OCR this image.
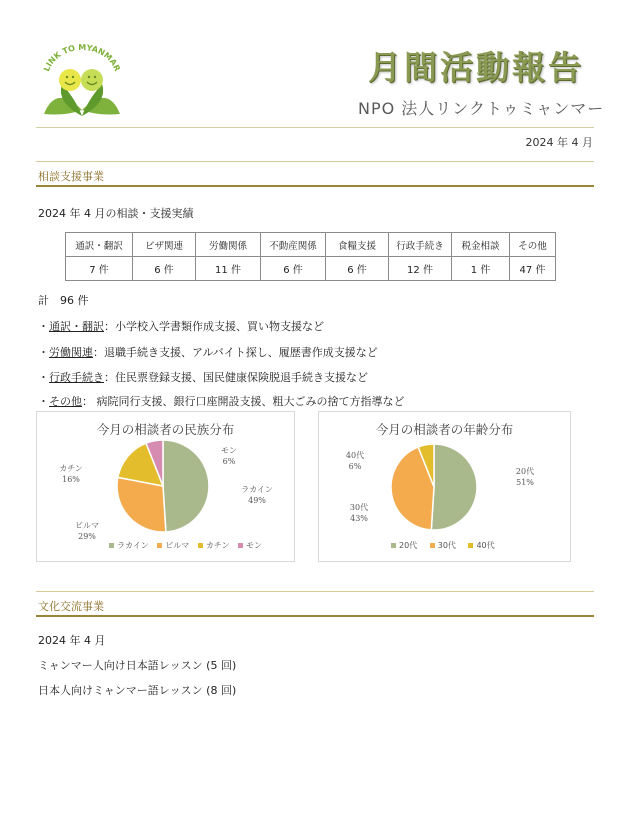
LINK TO MYANMAR	月間活動報告
NPO 法人リンクトゥミャンマー
2024 年 4 月
相談支援事業
2024 年 4 月の相談・支援実績
通訳・翻訳	ビザ関連	労働関係	不動産関係	食糧支援	行政手続き	税金相談	その他
7 件	6 件	11 件	6 件	6 件	12 件	1 件	47 件
計　96 件
・通訳・翻訳：小学校入学書類作成支援、買い物支援など
・労働関連：退職手続き支援、アルバイト探し、履歴書作成支援など
・行政手続き：住民票登録支援、国民健康保険脱退手続き支援など
・その他： 病院同行支援、銀行口座開設支援、粗大ごみの捨て方指導など
今月の相談者の民族分布
ラカイン
49%
ビルマ
29%
カチン
16%
モン
6%
ラカイン ビルマ カチン モン
今月の相談者の年齢分布
20代
51%
30代
43%
40代
6%
20代	30代	40代
文化交流事業
2024 年 4 月
ミャンマー人向け日本語レッスン (5 回)
日本人向けミャンマー語レッスン (8 回)
